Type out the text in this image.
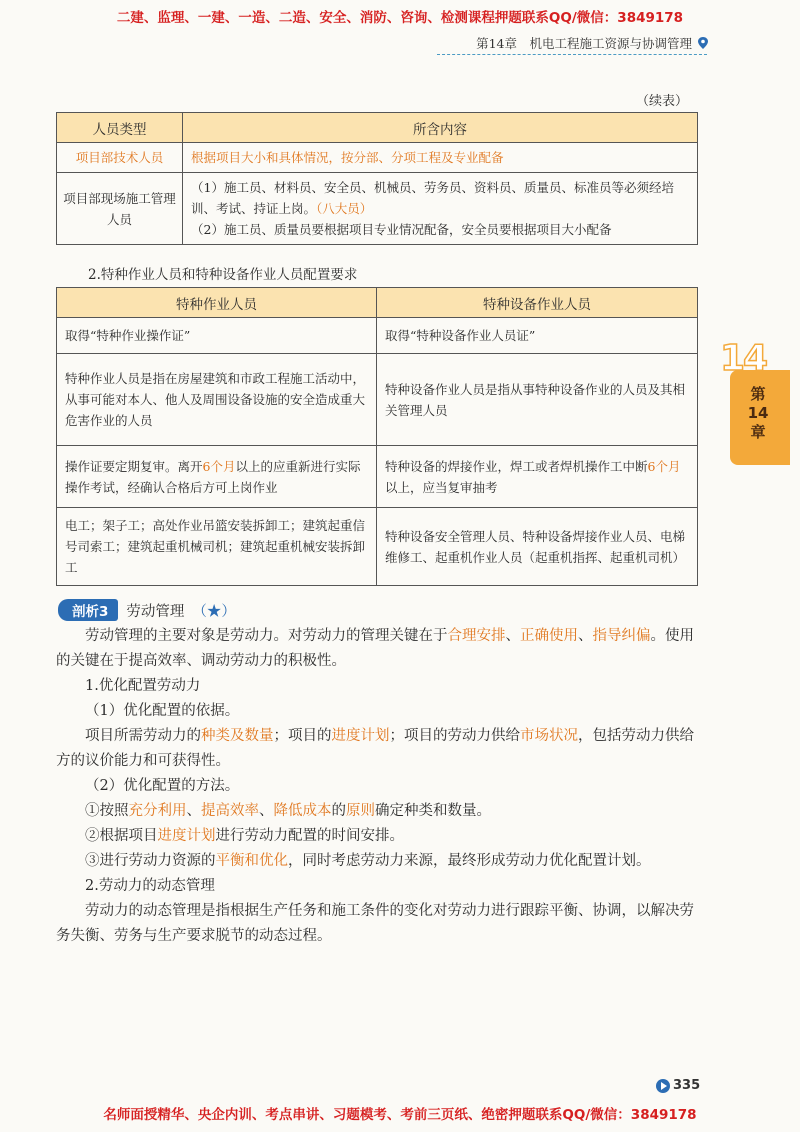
二建、监理、一建、一造、二造、安全、消防、咨询、检测课程押题联系QQ/微信：3849178
第14章　机电工程施工资源与协调管理
（续表）
人员类型	所含内容
项目部技术人员	根据项目大小和具体情况，按分部、分项工程及专业配备
项目部现场施工管理人员	（1）施工员、材料员、安全员、机械员、劳务员、资料员、质量员、标准员等必须经培训、考试、持证上岗。（八大员）
（2）施工员、质量员要根据项目专业情况配备，安全员要根据项目大小配备
2.特种作业人员和特种设备作业人员配置要求
特种作业人员	特种设备作业人员
取得“特种作业操作证”	取得“特种设备作业人员证”
特种作业人员是指在房屋建筑和市政工程施工活动中，从事可能对本人、他人及周围设备设施的安全造成重大危害作业的人员	特种设备作业人员是指从事特种设备作业的人员及其相关管理人员
操作证要定期复审。离开6个月以上的应重新进行实际操作考试，经确认合格后方可上岗作业	特种设备的焊接作业，焊工或者焊机操作工中断6个月以上，应当复审抽考
电工；架子工；高处作业吊篮安装拆卸工；建筑起重信号司索工；建筑起重机械司机；建筑起重机械安装拆卸工	特种设备安全管理人员、特种设备焊接作业人员、电梯维修工、起重机作业人员（起重机指挥、起重机司机）
剖析3	劳动管理 （★）

劳动管理的主要对象是劳动力。对劳动力的管理关键在于合理安排、正确使用、指导纠偏。使用的关键在于提高效率、调动劳动力的积极性。

1.优化配置劳动力

（1）优化配置的依据。

项目所需劳动力的种类及数量；项目的进度计划；项目的劳动力供给市场状况，包括劳动力供给方的议价能力和可获得性。

（2）优化配置的方法。

①按照充分利用、提高效率、降低成本的原则确定种类和数量。

②根据项目进度计划进行劳动力配置的时间安排。

③进行劳动力资源的平衡和优化，同时考虑劳动力来源，最终形成劳动力优化配置计划。

2.劳动力的动态管理

劳动力的动态管理是指根据生产任务和施工条件的变化对劳动力进行跟踪平衡、协调，以解决劳务失衡、劳务与生产要求脱节的动态过程。

14
第
14
章
335
名师面授精华、央企内训、考点串讲、习题模考、考前三页纸、绝密押题联系QQ/微信：3849178
